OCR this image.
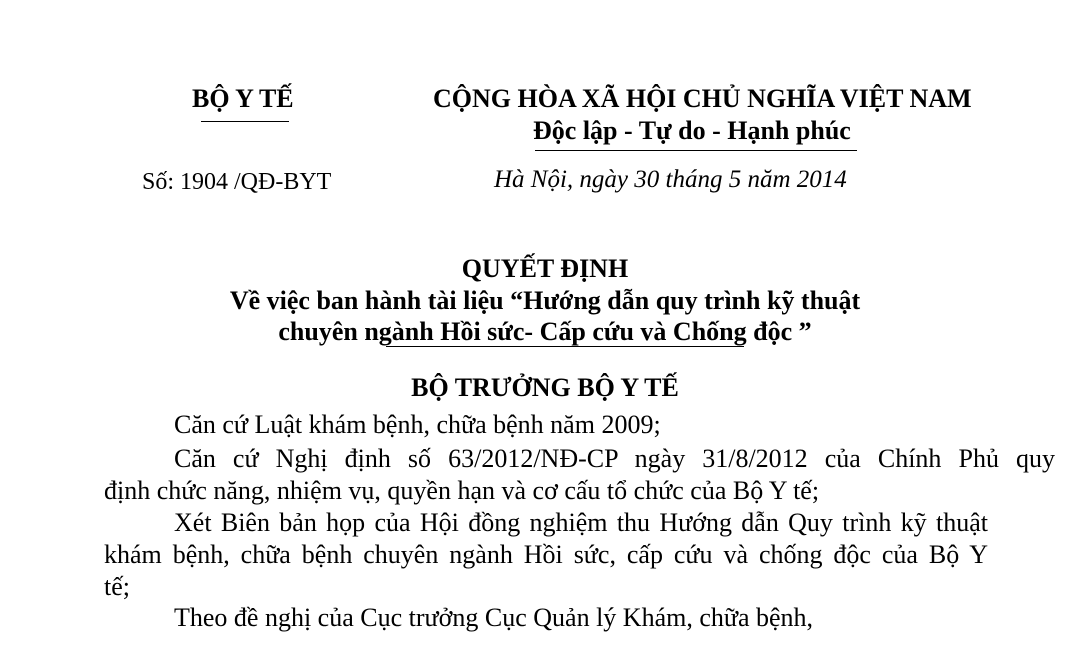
BỘ Y TẾ	CỘNG HÒA XÃ HỘI CHỦ NGHĨA VIỆT NAM
Độc lập - Tự do - Hạnh phúc
Số: 1904 /QĐ-BYT	Hà Nội, ngày 30 tháng 5 năm 2014
QUYẾT ĐỊNH
Về việc ban hành tài liệu “Hướng dẫn quy trình kỹ thuật
chuyên ngành Hồi sức- Cấp cứu và Chống độc ”
BỘ TRƯỞNG BỘ Y TẾ
Căn cứ Luật khám bệnh, chữa bệnh năm 2009;
Căn cứ Nghị định số 63/2012/NĐ-CP ngày 31/8/2012 của Chính Phủ quy
định chức năng, nhiệm vụ, quyền hạn và cơ cấu tổ chức của Bộ Y tế;
Xét Biên bản họp của Hội đồng nghiệm thu Hướng dẫn Quy trình kỹ thuật
khám bệnh, chữa bệnh chuyên ngành Hồi sức, cấp cứu và chống độc của Bộ Y
tế;
Theo đề nghị của Cục trưởng Cục Quản lý Khám, chữa bệnh,
